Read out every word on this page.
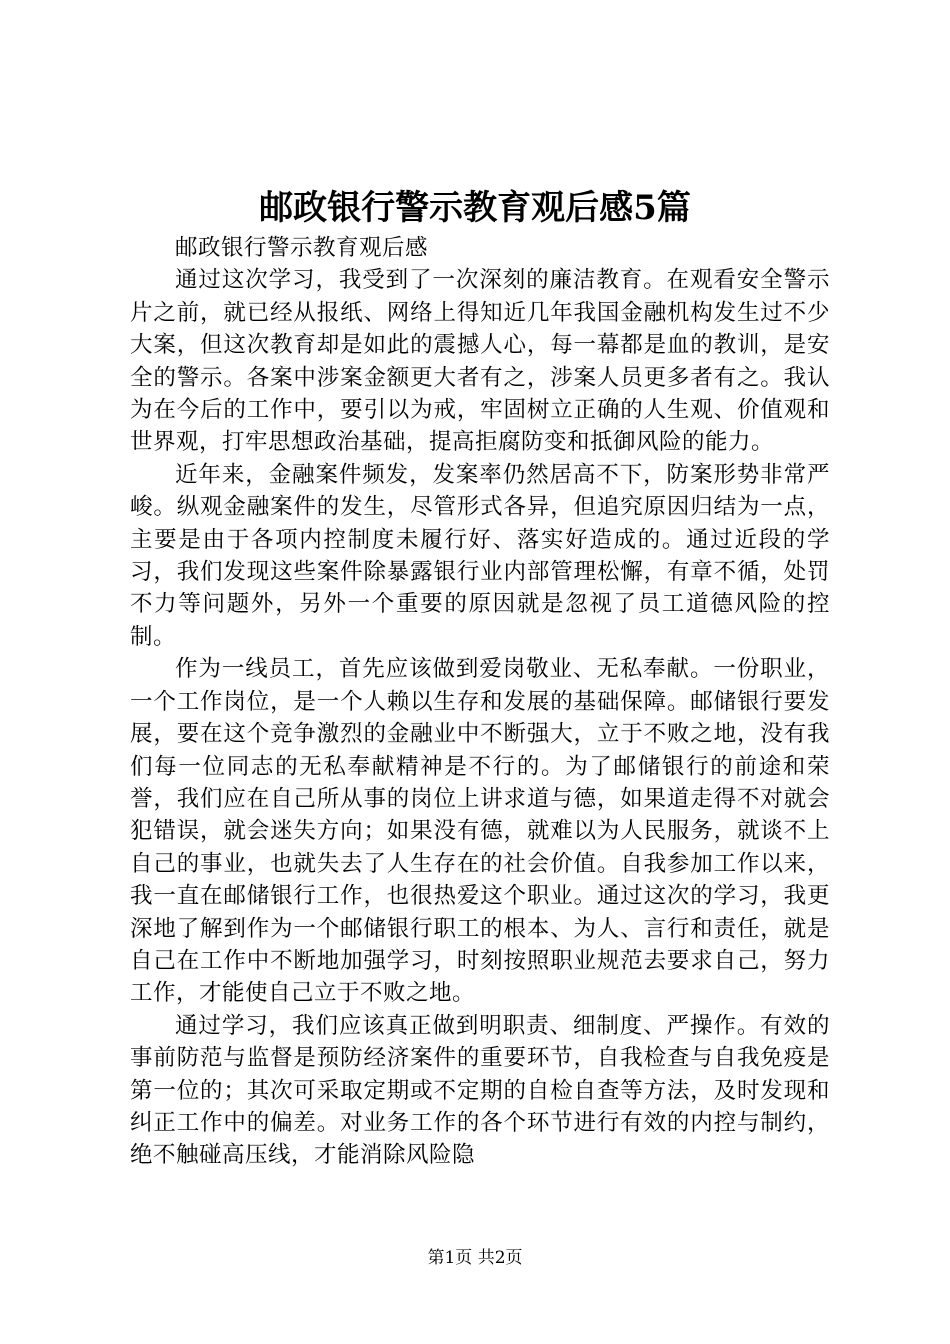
邮政银行警示教育观后感5篇

邮政银行警示教育观后感

通过这次学习，我受到了一次深刻的廉洁教育。在观看安全警示片之前，就已经从报纸、网络上得知近几年我国金融机构发生过不少大案，但这次教育却是如此的震撼人心，每一幕都是血的教训，是安全的警示。各案中涉案金额更大者有之，涉案人员更多者有之。我认为在今后的工作中，要引以为戒，牢固树立正确的人生观、价值观和世界观，打牢思想政治基础，提高拒腐防变和抵御风险的能力。

近年来，金融案件频发，发案率仍然居高不下，防案形势非常严峻。纵观金融案件的发生，尽管形式各异，但追究原因归结为一点，主要是由于各项内控制度未履行好、落实好造成的。通过近段的学习，我们发现这些案件除暴露银行业内部管理松懈，有章不循，处罚不力等问题外，另外一个重要的原因就是忽视了员工道德风险的控制。

作为一线员工，首先应该做到爱岗敬业、无私奉献。一份职业，一个工作岗位，是一个人赖以生存和发展的基础保障。邮储银行要发展，要在这个竞争激烈的金融业中不断强大，立于不败之地，没有我们每一位同志的无私奉献精神是不行的。为了邮储银行的前途和荣誉，我们应在自己所从事的岗位上讲求道与德，如果道走得不对就会犯错误，就会迷失方向；如果没有德，就难以为人民服务，就谈不上自己的事业，也就失去了人生存在的社会价值。自我参加工作以来，我一直在邮储银行工作，也很热爱这个职业。通过这次的学习，我更深地了解到作为一个邮储银行职工的根本、为人、言行和责任，就是自己在工作中不断地加强学习，时刻按照职业规范去要求自己，努力工作，才能使自己立于不败之地。

通过学习，我们应该真正做到明职责、细制度、严操作。有效的事前防范与监督是预防经济案件的重要环节，自我检查与自我免疫是第一位的；其次可采取定期或不定期的自检自查等方法，及时发现和纠正工作中的偏差。对业务工作的各个环节进行有效的内控与制约，绝不触碰高压线，才能消除风险隐

第1页 共2页
